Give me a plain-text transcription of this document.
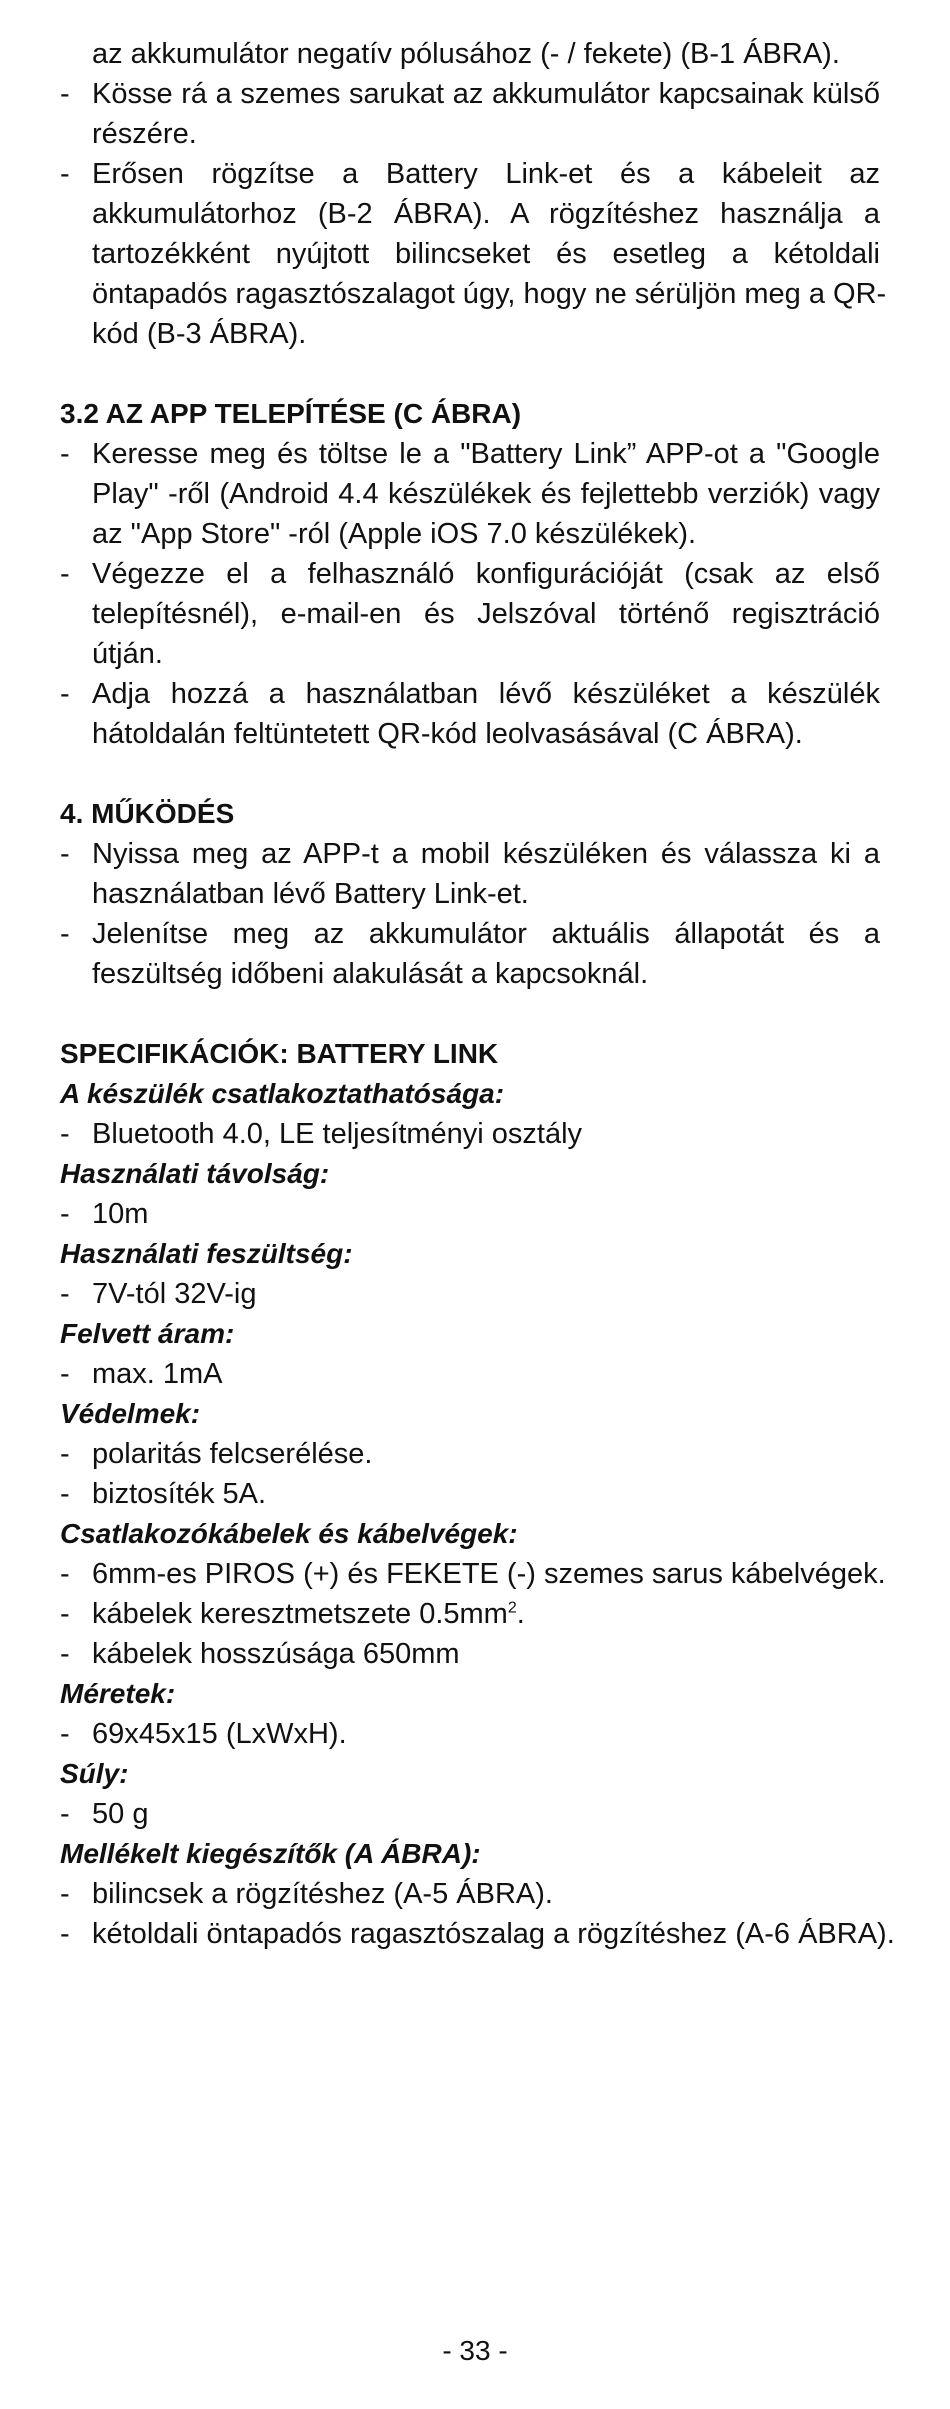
az akkumulátor negatív pólusához (- / fekete) (B-1 ÁBRA).
- Kösse rá a szemes sarukat az akkumulátor kapcsainak külső
részére.
- Erősen rögzítse a Battery Link-et és a kábeleit az
akkumulátorhoz (B-2 ÁBRA). A rögzítéshez használja a
tartozékként nyújtott bilincseket és esetleg a kétoldali
öntapadós ragasztószalagot úgy, hogy ne sérüljön meg a QR-
kód (B-3 ÁBRA).
3.2 AZ APP TELEPÍTÉSE (C ÁBRA)
- Keresse meg és töltse le a "Battery Link” APP-ot a "Google
Play" -ről (Android 4.4 készülékek és fejlettebb verziók) vagy
az "App Store" -ról (Apple iOS 7.0 készülékek).
- Végezze el a felhasználó konfigurációját (csak az első
telepítésnél), e-mail-en és Jelszóval történő regisztráció
útján.
- Adja hozzá a használatban lévő készüléket a készülék
hátoldalán feltüntetett QR-kód leolvasásával (C ÁBRA).
4. MŰKÖDÉS
- Nyissa meg az APP-t a mobil készüléken és válassza ki a
használatban lévő Battery Link-et.
- Jelenítse meg az akkumulátor aktuális állapotát és a
feszültség időbeni alakulását a kapcsoknál.
SPECIFIKÁCIÓK: BATTERY LINK
A készülék csatlakoztathatósága:
- Bluetooth 4.0, LE teljesítményi osztály
Használati távolság:
- 10m
Használati feszültség:
- 7V-tól 32V-ig
Felvett áram:
- max. 1mA
Védelmek:
- polaritás felcserélése.
- biztosíték 5A.
Csatlakozókábelek és kábelvégek:
- 6mm-es PIROS (+) és FEKETE (-) szemes sarus kábelvégek.
- kábelek keresztmetszete $0.5mm^2$.
- kábelek hosszúsága 650mm
Méretek:
- 69x45x15 (LxWxH).
Súly:
- 50 g
Mellékelt kiegészítők (A ÁBRA):
- bilincsek a rögzítéshez (A-5 ÁBRA).
- kétoldali öntapadós ragasztószalag a rögzítéshez (A-6 ÁBRA).
- 33 -
